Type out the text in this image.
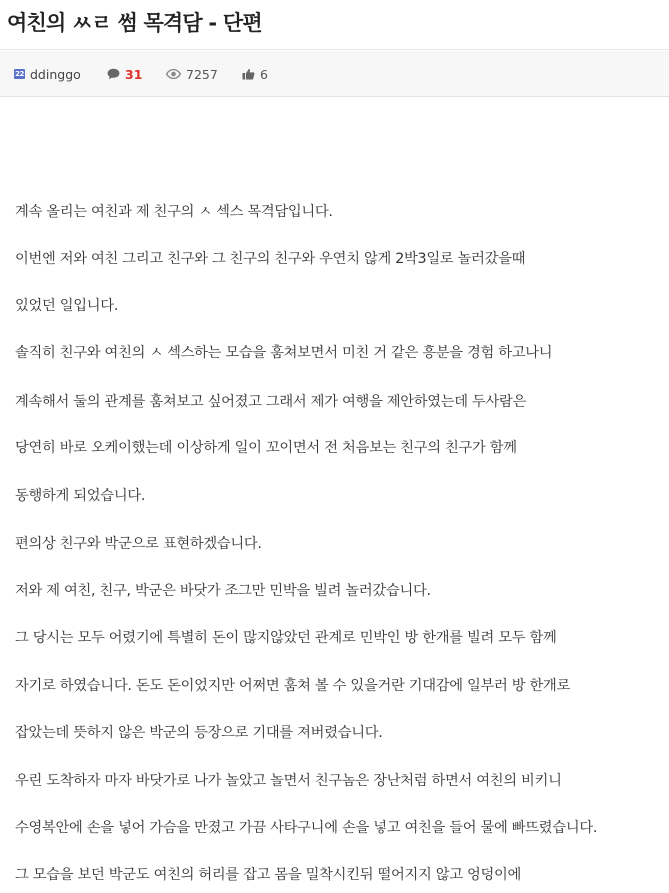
여친의 ㅆㄹ 썸 목격담 - 단편
22 ddinggo	31	7257	6

계속 올리는 여친과 제 친구의 ㅅ 섹스 목격담입니다.

이번엔 저와 여친 그리고 친구와 그 친구의 친구와 우연치 않게 2박3일로 놀러갔을때

있었던 일입니다.

솔직히 친구와 여친의 ㅅ 섹스하는 모습을 훔쳐보면서 미친 거 같은 흥분을 경험 하고나니

계속해서 둘의 관계를 훔쳐보고 싶어졌고 그래서 제가 여행을 제안하였는데 두사람은

당연히 바로 오케이했는데 이상하게 일이 꼬이면서 전 처음보는 친구의 친구가 함께

동행하게 되었습니다.

편의상 친구와 박군으로 표현하겠습니다.

저와 제 여친, 친구, 박군은 바닷가 조그만 민박을 빌려 놀러갔습니다.

그 당시는 모두 어렸기에 특별히 돈이 많지않았던 관계로 민박인 방 한개를 빌려 모두 함께

자기로 하였습니다. 돈도 돈이었지만 어쩌면 훔쳐 볼 수 있을거란 기대감에 일부러 방 한개로

잡았는데 뜻하지 않은 박군의 등장으로 기대를 져버렸습니다.

우린 도착하자 마자 바닷가로 나가 놀았고 놀면서 친구놈은 장난처럼 하면서 여친의 비키니

수영복안에 손을 넣어 가슴을 만졌고 가끔 사타구니에 손을 넣고 여친을 들어 물에 빠뜨렸습니다.

그 모습을 보던 박군도 여친의 허리를 잡고 몸을 밀착시킨뒤 떨어지지 않고 엉덩이에
